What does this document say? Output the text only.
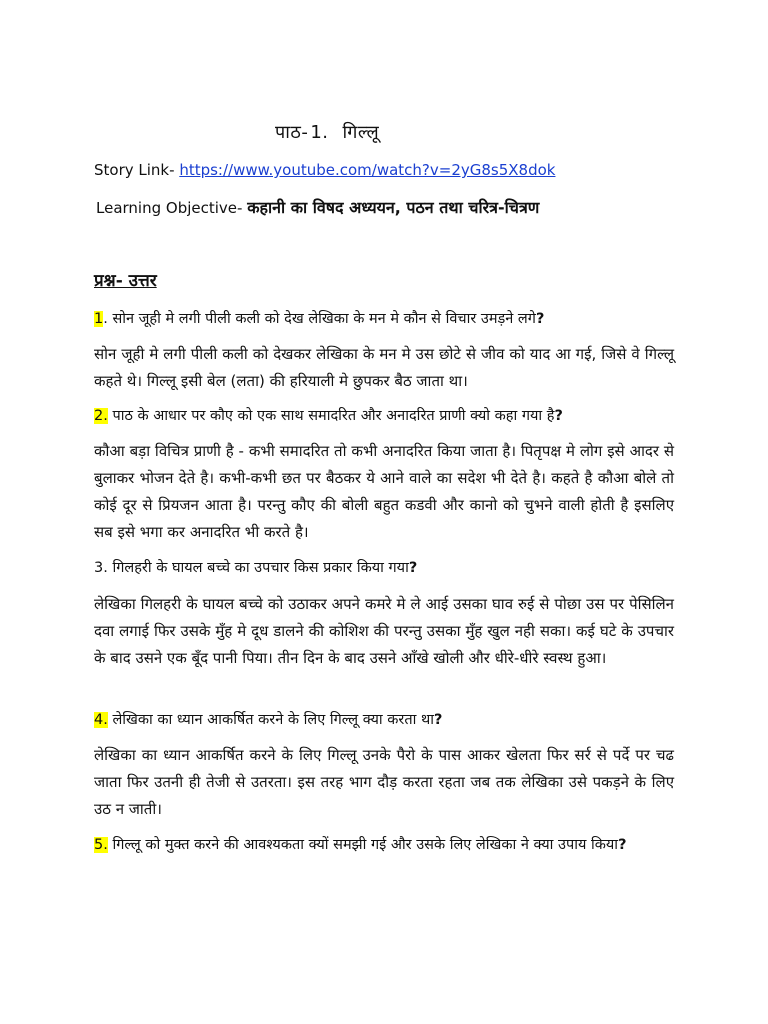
पाठ- 1. गिल्लू
Story Link- https://www.youtube.com/watch?v=2yG8s5X8dok
Learning Objective- कहानी का विषद अध्ययन, पठन तथा चरित्र-चित्रण
प्रश्न- उत्तर
1. सोन जूही मे लगी पीली कली को देख लेखिका के मन मे कौन से विचार उमड़ने लगे?
सोन जूही मे लगी पीली कली को देखकर लेखिका के मन मे उस छोटे से जीव को याद आ गई, जिसे वे गिल्लू कहते थे। गिल्लू इसी बेल (लता) की हरियाली मे छुपकर बैठ जाता था।
2. पाठ के आधार पर कौए को एक साथ समादरित और अनादरित प्राणी क्यो कहा गया है?
कौआ बड़ा विचित्र प्राणी है - कभी समादरित तो कभी अनादरित किया जाता है। पितृपक्ष मे लोग इसे आदर से बुलाकर भोजन देते है। कभी-कभी छत पर बैठकर ये आने वाले का सदेश भी देते है। कहते है कौआ बोले तो कोई दूर से प्रियजन आता है। परन्तु कौए की बोली बहुत कडवी और कानो को चुभने वाली होती है इसलिए सब इसे भगा कर अनादरित भी करते है।
3. गिलहरी के घायल बच्चे का उपचार किस प्रकार किया गया?
लेखिका गिलहरी के घायल बच्चे को उठाकर अपने कमरे मे ले आई उसका घाव रुई से पोछा उस पर पेसिलिन दवा लगाई फिर उसके मुँह मे दूध डालने की कोशिश की परन्तु उसका मुँह खुल नही सका। कई घटे के उपचार के बाद उसने एक बूँद पानी पिया। तीन दिन के बाद उसने आँखे खोली और धीरे-धीरे स्वस्थ हुआ।
4. लेखिका का ध्यान आकर्षित करने के लिए गिल्लू क्या करता था?
लेखिका का ध्यान आकर्षित करने के लिए गिल्लू उनके पैरो के पास आकर खेलता फिर सर्र से पर्दे पर चढ जाता फिर उतनी ही तेजी से उतरता। इस तरह भाग दौड़ करता रहता जब तक लेखिका उसे पकड़ने के लिए उठ न जाती।
5. गिल्लू को मुक्त करने की आवश्यकता क्यों समझी गई और उसके लिए लेखिका ने क्या उपाय किया?
